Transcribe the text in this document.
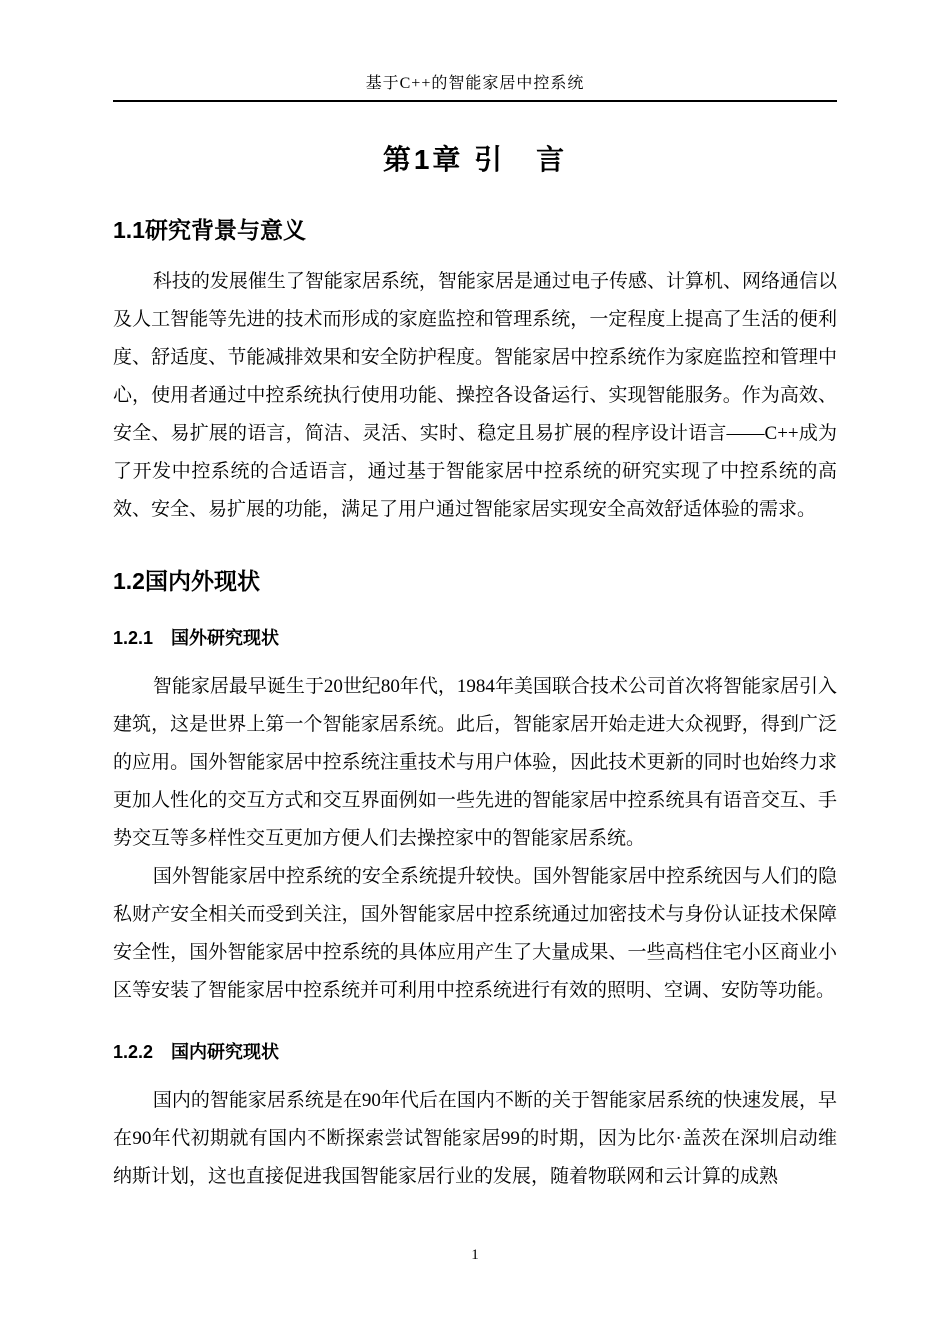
基于C++的智能家居中控系统
第1章 引　言
1.1研究背景与意义

科技的发展催生了智能家居系统，智能家居是通过电子传感、计算机、网络通信以及人工智能等先进的技术而形成的家庭监控和管理系统，一定程度上提高了生活的便利度、舒适度、节能减排效果和安全防护程度。智能家居中控系统作为家庭监控和管理中心，使用者通过中控系统执行使用功能、操控各设备运行、实现智能服务。作为高效、安全、易扩展的语言，简洁、灵活、实时、稳定且易扩展的程序设计语言——C++成为了开发中控系统的合适语言，通过基于智能家居中控系统的研究实现了中控系统的高效、安全、易扩展的功能，满足了用户通过智能家居实现安全高效舒适体验的需求。

1.2国内外现状
1.2.1　国外研究现状

智能家居最早诞生于20世纪80年代，1984年美国联合技术公司首次将智能家居引入建筑，这是世界上第一个智能家居系统。此后，智能家居开始走进大众视野，得到广泛的应用。国外智能家居中控系统注重技术与用户体验，因此技术更新的同时也始终力求更加人性化的交互方式和交互界面例如一些先进的智能家居中控系统具有语音交互、手势交互等多样性交互更加方便人们去操控家中的智能家居系统。

国外智能家居中控系统的安全系统提升较快。国外智能家居中控系统因与人们的隐私财产安全相关而受到关注，国外智能家居中控系统通过加密技术与身份认证技术保障安全性，国外智能家居中控系统的具体应用产生了大量成果、一些高档住宅小区商业小区等安装了智能家居中控系统并可利用中控系统进行有效的照明、空调、安防等功能。

1.2.2　国内研究现状

国内的智能家居系统是在90年代后在国内不断的关于智能家居系统的快速发展，早在90年代初期就有国内不断探索尝试智能家居99的时期，因为比尔·盖茨在深圳启动维纳斯计划，这也直接促进我国智能家居行业的发展，随着物联网和云计算的成熟

1
